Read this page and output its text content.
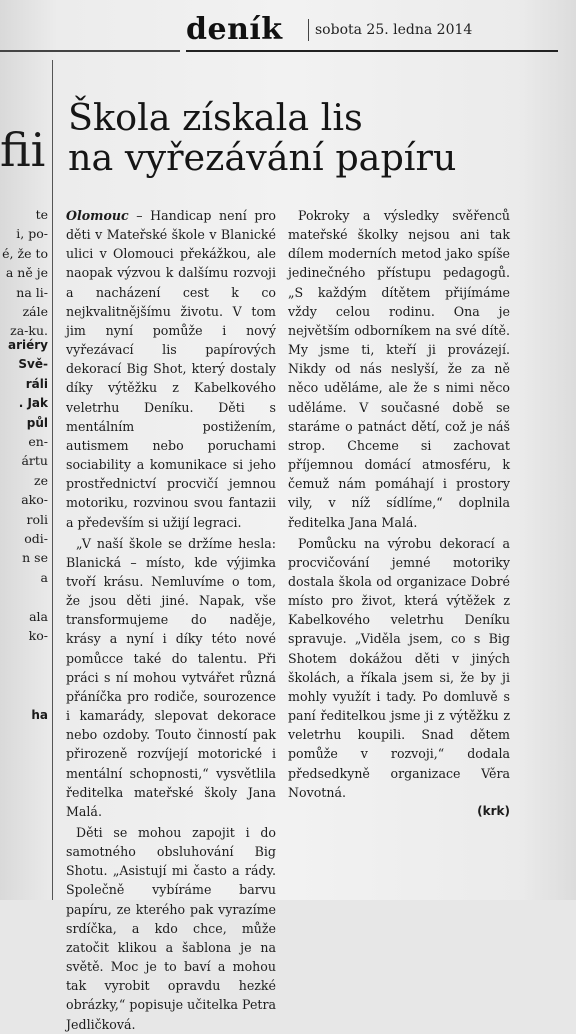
deník sobota 25. ledna 2014
fii
te
i, po-
é, že to
a ně je
na li-
zále
za-ku.
ariéry
Svě-
ráli
. Jak
půl
en-
ártu
ze
ako-
roli
odi-
n se
a
ala
ko-
ha
Škola získala lis
na vyřezávání papíru

Olomouc – Handicap není pro děti v Mateřské škole v Blanické ulici v Olomouci překážkou, ale naopak výzvou k dalšímu rozvoji a nacházení cest k co nejkvalitnějšímu životu. V tom jim nyní pomůže i nový vyřezávací lis papírových dekorací Big Shot, který dostaly díky výtěžku z Kabelkového veletrhu Deníku. Děti s mentálním postižením, autismem nebo poruchami sociability a komunikace si jeho prostřednictví procvičí jemnou motoriku, rozvinou svou fantazii a především si užijí legraci.

„V naší škole se držíme hesla: Blanická – místo, kde výjimka tvoří krásu. Nemluvíme o tom, že jsou děti jiné. Napak, vše transformujeme do naděje, krásy a nyní i díky této nové pomůcce také do talentu. Při práci s ní mohou vytvářet různá přáníčka pro rodiče, sourozence i kamarády, slepovat dekorace nebo ozdoby. Touto činností pak přirozeně rozvíjejí motorické i mentální schopnosti,“ vysvětlila ředitelka mateřské školy Jana Malá.

Děti se mohou zapojit i do samotného obsluhování Big Shotu. „Asistují mi často a rády. Společně vybíráme barvu papíru, ze kterého pak vyrazíme srdíčka, a kdo chce, může zatočit klikou a šablona je na světě. Moc je to baví a mohou tak vyrobit opravdu hezké obrázky,“ popisuje učitelka Petra Jedličková.

Pokroky a výsledky svěřenců mateřské školky nejsou ani tak dílem moderních metod jako spíše jedinečného přístupu pedagogů. „S každým dítětem přijímáme vždy celou rodinu. Ona je největším odborníkem na své dítě. My jsme ti, kteří ji provázejí. Nikdy od nás neslyší, že za ně něco uděláme, ale že s nimi něco uděláme. V současné době se staráme o patnáct dětí, což je náš strop. Chceme si zachovat příjemnou domácí atmosféru, k čemuž nám pomáhají i prostory vily, v níž sídlíme,“ doplnila ředitelka Jana Malá.

Pomůcku na výrobu dekorací a procvičování jemné motoriky dostala škola od organizace Dobré místo pro život, která výtěžek z Kabelkového veletrhu Deníku spravuje. „Viděla jsem, co s Big Shotem dokážou děti v jiných školách, a říkala jsem si, že by ji mohly využít i tady. Po domluvě s paní ředitelkou jsme ji z výtěžku z veletrhu koupili. Snad dětem pomůže v rozvoji,“ dodala předsedkyně organizace Věra Novotná.

(krk)
